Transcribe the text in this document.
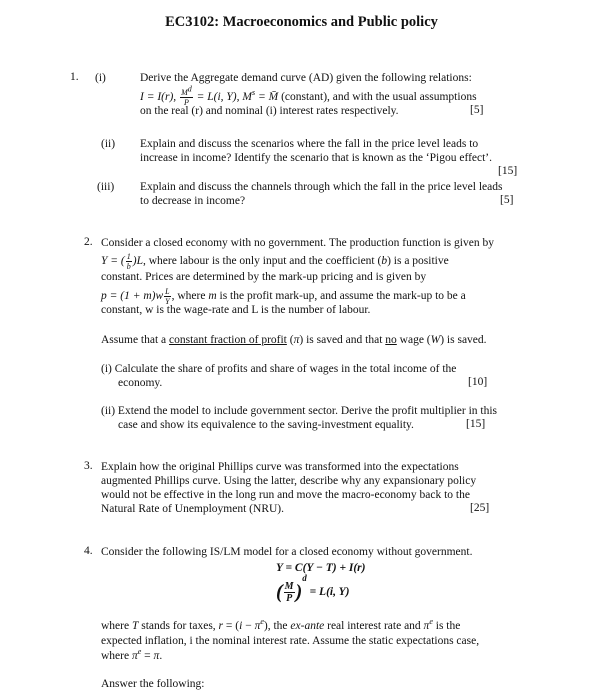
EC3102: Macroeconomics and Public policy
1. (i)	Derive the Aggregate demand curve (AD) given the following relations:
I = I(r), $\frac{M^d}{P} = L(i$, Y), $M^s$ = M̄ (constant), and with the usual assumptions
on the real (r) and nominal (i) interest rates respectively.	[5]
(ii) Explain and discuss the scenarios where the fall in the price level leads to
increase in income? Identify the scenario that is known as the ‘Pigou effect’.
[15]
(iii) Explain and discuss the channels through which the fall in the price level leads
to decrease in income?	[5]
2. Consider a closed economy with no government. The production function is given by
Y = ( $\frac{1}{b} )L$, where labour is the only input and the coefficient (b) is a positive
constant. Prices are determined by the mark-up pricing and is given by
$p = (1 + m)w \frac{L}{Y}$ , where m is the profit mark-up, and assume the mark-up to be a
constant, w is the wage-rate and L is the number of labour.
Assume that a constant fraction of profit (π) is saved and that no wage (W) is saved.
(i) Calculate the share of profits and share of wages in the total income of the
economy.	[10]
(ii) Extend the model to include government sector. Derive the profit multiplier in this
case and show its equivalence to the saving-investment equality.	[15]
3. Explain how the original Phillips curve was transformed into the expectations
augmented Phillips curve. Using the latter, describe why any expansionary policy
would not be effective in the long run and move the macro-economy back to the
Natural Rate of Unemployment (NRU).	[25]
4. Consider the following IS/LM model for a closed economy without government.
Y = C(Y − T) + I(r)
( $\frac{M}{P} )^d = L(i$, Y)
where T stands for taxes, $r = (i - \pi^e)$, the ex-ante real interest rate and $\pi^e$ is the
expected inflation, i the nominal interest rate. Assume the static expectations case,
where $\pi^e = \pi$.
Answer the following:
